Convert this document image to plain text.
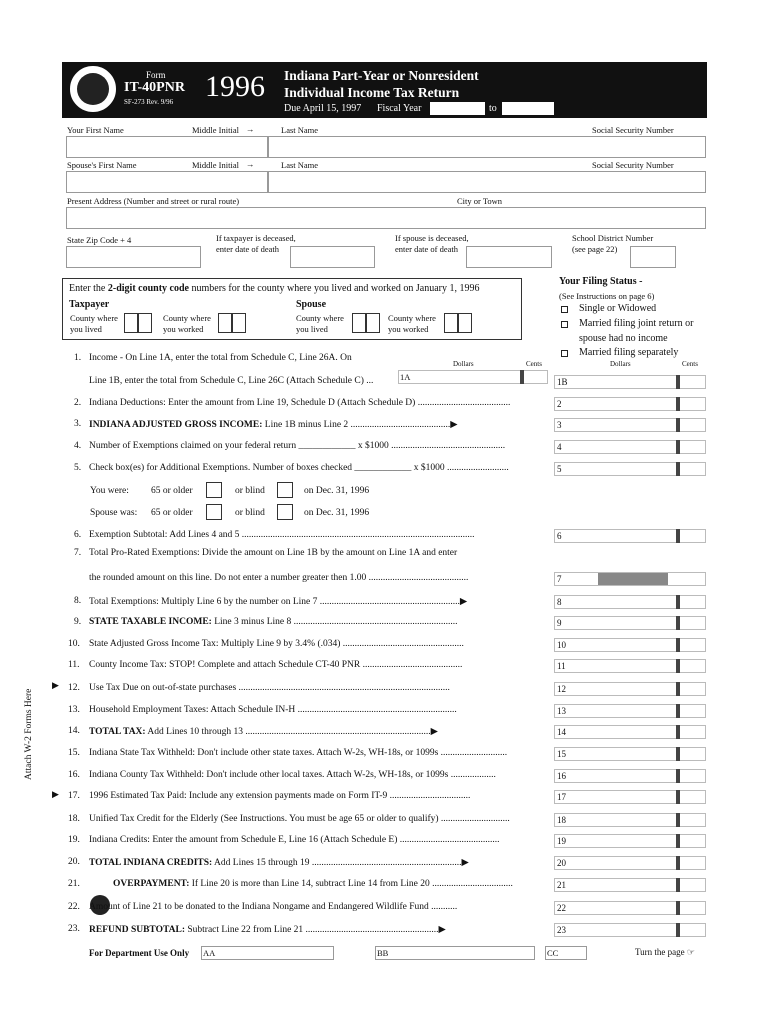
Form
IT-40PNR
SF-273 Rev. 9/96 1996 Indiana Part-Year or Nonresident
Individual Income Tax Return
Due April 15, 1997 Fiscal Year	to
Your First Name	Middle Initial →	Last Name	Social Security Number
Spouse's First Name	Middle Initial →	Last Name	Social Security Number
Present Address (Number and street or rural route)	City or Town
State Zip Code + 4	If taxpayer is deceased,
enter date of death
If spouse is deceased,
enter date of death
School District Number
(see page 22)
Enter the 2-digit county code numbers for the county where you lived and worked on January 1, 1996
Taxpayer	Spouse
County where
you lived
County where
you worked
County where
you lived
County where
you worked
Your Filing Status -
(See Instructions on page 6)
Single or Widowed
Married filing joint return or
spouse had no income
Married filing separately
Dollars	Cents	Dollars	Cents
1. Income - On Line 1A, enter the total from Schedule C, Line 26A. On
Line 1B, enter the total from Schedule C, Line 26C (Attach Schedule C) ...	1A
You were: 65 or older	or blind	on Dec. 31, 1996
Spouse was: 65 or older	or blind	on Dec. 31, 1996
Attach W-2 Forms Here
▶
▶
1B
2. Indiana Deductions: Enter the amount from Line 19, Schedule D (Attach Schedule D) .......................................	2
3. INDIANA ADJUSTED GROSS INCOME: Line 1B minus Line 2 ..........................................▶	3
4. Number of Exemptions claimed on your federal return ____________ x $1000 ................................................	4
5. Check box(es) for Additional Exemptions. Number of boxes checked ____________ x $1000 ..........................	5
6. Exemption Subtotal: Add Lines 4 and 5 ..................................................................................................	6
7. Total Pro-Rated Exemptions: Divide the amount on Line 1B by the amount on Line 1A and enter
the rounded amount on this line. Do not enter a number greater then 1.00 ..........................................	7
8. Total Exemptions: Multiply Line 6 by the number on Line 7 ...........................................................▶	8
9. STATE TAXABLE INCOME: Line 3 minus Line 8 .....................................................................	9
10. State Adjusted Gross Income Tax: Multiply Line 9 by 3.4% (.034) ...................................................	10
11. County Income Tax: STOP! Complete and attach Schedule CT-40 PNR ..........................................	11
12. Use Tax Due on out-of-state purchases .........................................................................................	12
13. Household Employment Taxes: Attach Schedule IN-H ...................................................................	13
14. TOTAL TAX: Add Lines 10 through 13 ..............................................................................▶	14
15. Indiana State Tax Withheld: Don't include other state taxes. Attach W-2s, WH-18s, or 1099s ............................	15
16. Indiana County Tax Withheld: Don't include other local taxes. Attach W-2s, WH-18s, or 1099s ...................	16
17. 1996 Estimated Tax Paid: Include any extension payments made on Form IT-9 ..................................	17
18. Unified Tax Credit for the Elderly (See Instructions. You must be age 65 or older to qualify) .............................	18
19. Indiana Credits: Enter the amount from Schedule E, Line 16 (Attach Schedule E) ..........................................	19
20. TOTAL INDIANA CREDITS: Add Lines 15 through 19 ...............................................................▶	20
21.	OVERPAYMENT: If Line 20 is more than Line 14, subtract Line 14 from Line 20 ..................................	21
22. Amount of Line 21 to be donated to the Indiana Nongame and Endangered Wildlife Fund ...........	22
23. REFUND SUBTOTAL: Subtract Line 22 from Line 21 ........................................................▶	23
For Department Use Only AA	BB	CC	Turn the page ☞
